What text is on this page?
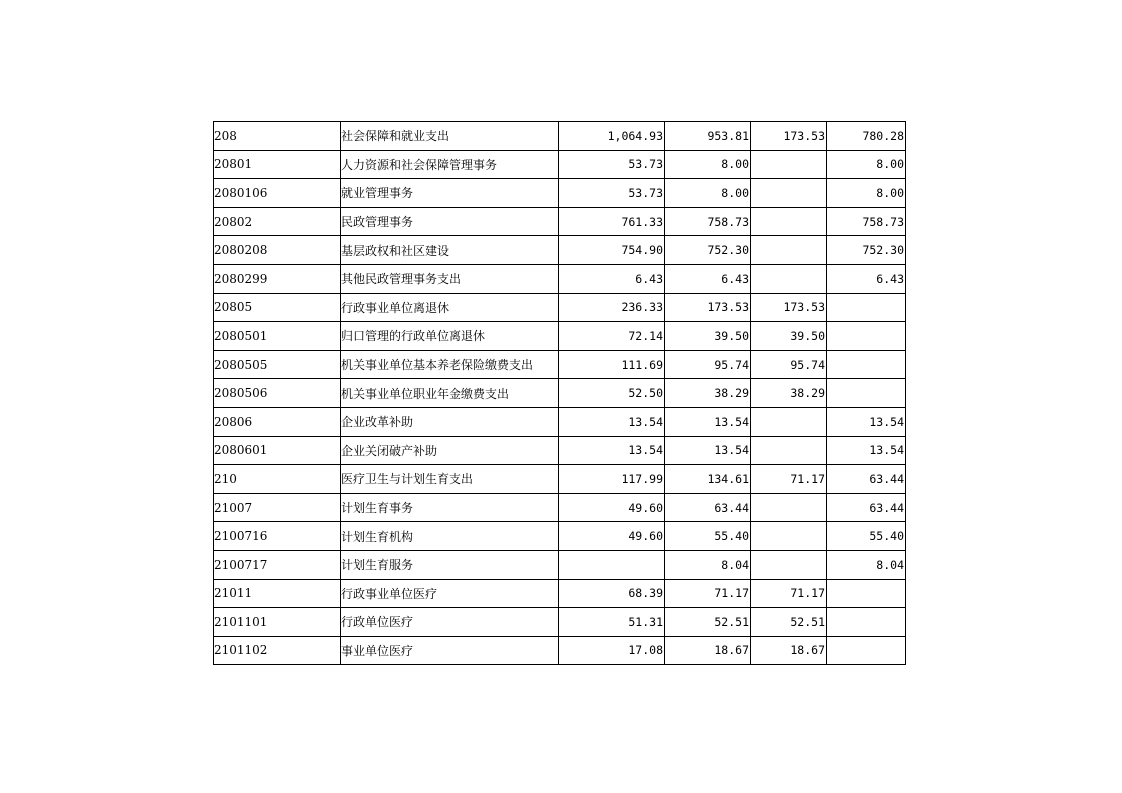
208	社会保障和就业支出	1,064.93	953.81	173.53	780.28
20801	人力资源和社会保障管理事务	53.73	8.00		8.00
2080106	就业管理事务	53.73	8.00		8.00
20802	民政管理事务	761.33	758.73		758.73
2080208	基层政权和社区建设	754.90	752.30		752.30
2080299	其他民政管理事务支出	6.43	6.43		6.43
20805	行政事业单位离退休	236.33	173.53	173.53	
2080501	归口管理的行政单位离退休	72.14	39.50	39.50	
2080505	机关事业单位基本养老保险缴费支出	111.69	95.74	95.74	
2080506	机关事业单位职业年金缴费支出	52.50	38.29	38.29	
20806	企业改革补助	13.54	13.54		13.54
2080601	企业关闭破产补助	13.54	13.54		13.54
210	医疗卫生与计划生育支出	117.99	134.61	71.17	63.44
21007	计划生育事务	49.60	63.44		63.44
2100716	计划生育机构	49.60	55.40		55.40
2100717	计划生育服务		8.04		8.04
21011	行政事业单位医疗	68.39	71.17	71.17	
2101101	行政单位医疗	51.31	52.51	52.51	
2101102	事业单位医疗	17.08	18.67	18.67	
